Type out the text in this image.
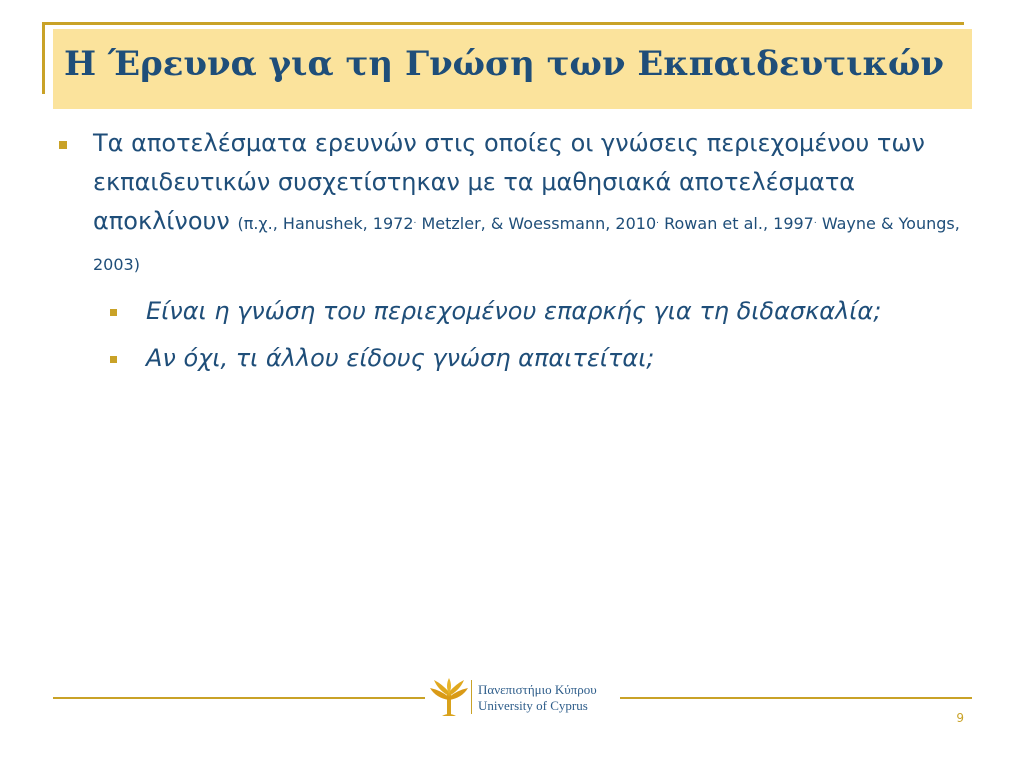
Η Έρευνα για τη Γνώση των Εκπαιδευτικών
Τα αποτελέσματα ερευνών στις οποίες οι γνώσεις περιεχομένου των εκπαιδευτικών συσχετίστηκαν με τα μαθησιακά αποτελέσματα αποκλίνουν (π.χ., Hanushek, 1972. Metzler, & Woessmann, 2010. Rowan et al., 1997. Wayne & Youngs, 2003)
Είναι η γνώση του περιεχομένου επαρκής για τη διδασκαλία;
Αν όχι, τι άλλου είδους γνώση απαιτείται;
Πανεπιστήμιο Κύπρου
University of Cyprus
9
